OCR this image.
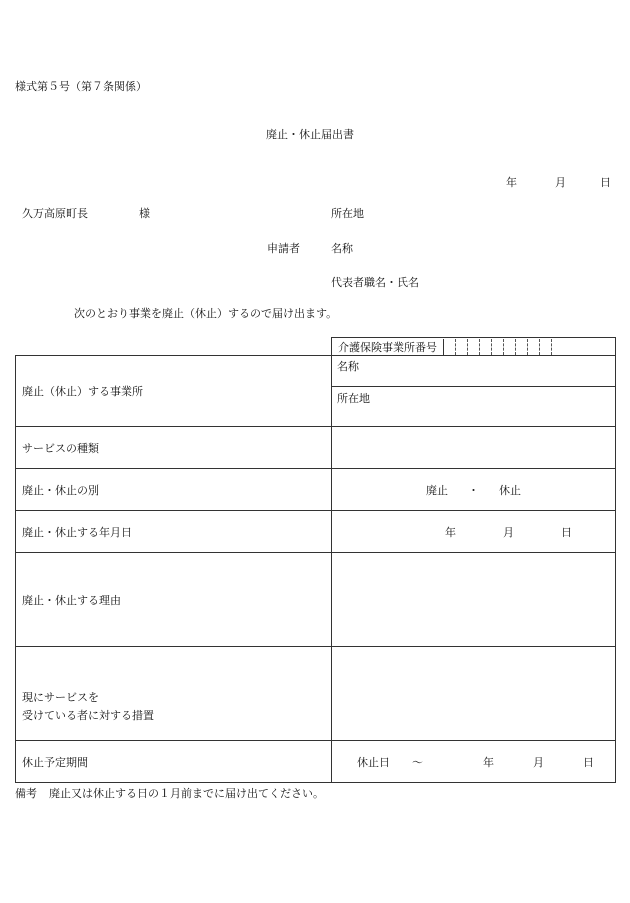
様式第５号（第７条関係）
廃止・休止届出書
年	月	日
久万高原町長	様	所在地
申請者	名称
代表者職名・氏名
次のとおり事業を廃止（休止）するので届け出ます。
	介護保険事業所番号

廃止（休止）する事業所	名称
所在地

サービスの種類	
廃止・休止の別	廃止 ・ 休止
廃止・休止する年月日	年 月 日
廃止・休止する理由	

現にサービスを
受けている者に対する措置	

休止予定期間	休止日 ～ 年 月 日
備考 廃止又は休止する日の１月前までに届け出てください。
